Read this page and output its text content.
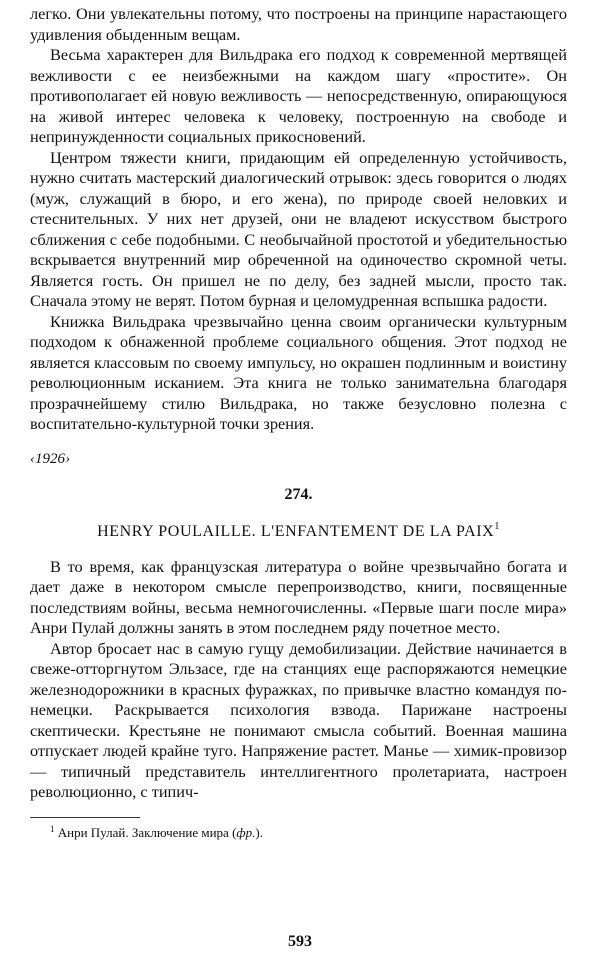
легко. Они увлекательны потому, что построены на принципе нарастающего удивления обыденным вещам.

Весьма характерен для Вильдрака его подход к современной мертвящей вежливости с ее неизбежными на каждом шагу «простите». Он противополагает ей новую вежливость — непосредственную, опирающуюся на живой интерес человека к человеку, построенную на свободе и непринужденности социальных прикосновений.

Центром тяжести книги, придающим ей определенную устойчивость, нужно считать мастерский диалогический отрывок: здесь говорится о людях (муж, служащий в бюро, и его жена), по природе своей неловких и стеснительных. У них нет друзей, они не владеют искусством быстрого сближения с себе подобными. С необычайной простотой и убедительностью вскрывается внутренний мир обреченной на одиночество скромной четы. Является гость. Он пришел не по делу, без задней мысли, просто так. Сначала этому не верят. Потом бурная и целомудренная вспышка радости.

Книжка Вильдрака чрезвычайно ценна своим органически культурным подходом к обнаженной проблеме социального общения. Этот подход не является классовым по своему импульсу, но окрашен подлинным и воистину революционным исканием. Эта книга не только занимательна благодаря прозрачнейшему стилю Вильдрака, но также безусловно полезна с воспитательно-культурной точки зрения.

‹1926›
274.
HENRY POULAILLE. L'ENFANTEMENT DE LA PAIX$^1$

В то время, как французская литература о войне чрезвычайно богата и дает даже в некотором смысле перепроизводство, книги, посвященные последствиям войны, весьма немногочисленны. «Первые шаги после мира» Анри Пулай должны занять в этом последнем ряду почетное место.

Автор бросает нас в самую гущу демобилизации. Действие начинается в свеже-отторгнутом Эльзасе, где на станциях еще распоряжаются немецкие железнодорожники в красных фуражках, по привычке властно командуя по-немецки. Раскрывается психология взвода. Парижане настроены скептически. Крестьяне не понимают смысла событий. Военная машина отпускает людей крайне туго. Напряжение растет. Манье — химик-провизор — типичный представитель интеллигентного пролетариата, настроен революционно, с типич-

$^1$ Анри Пулай. Заключение мира (фр.).
593
